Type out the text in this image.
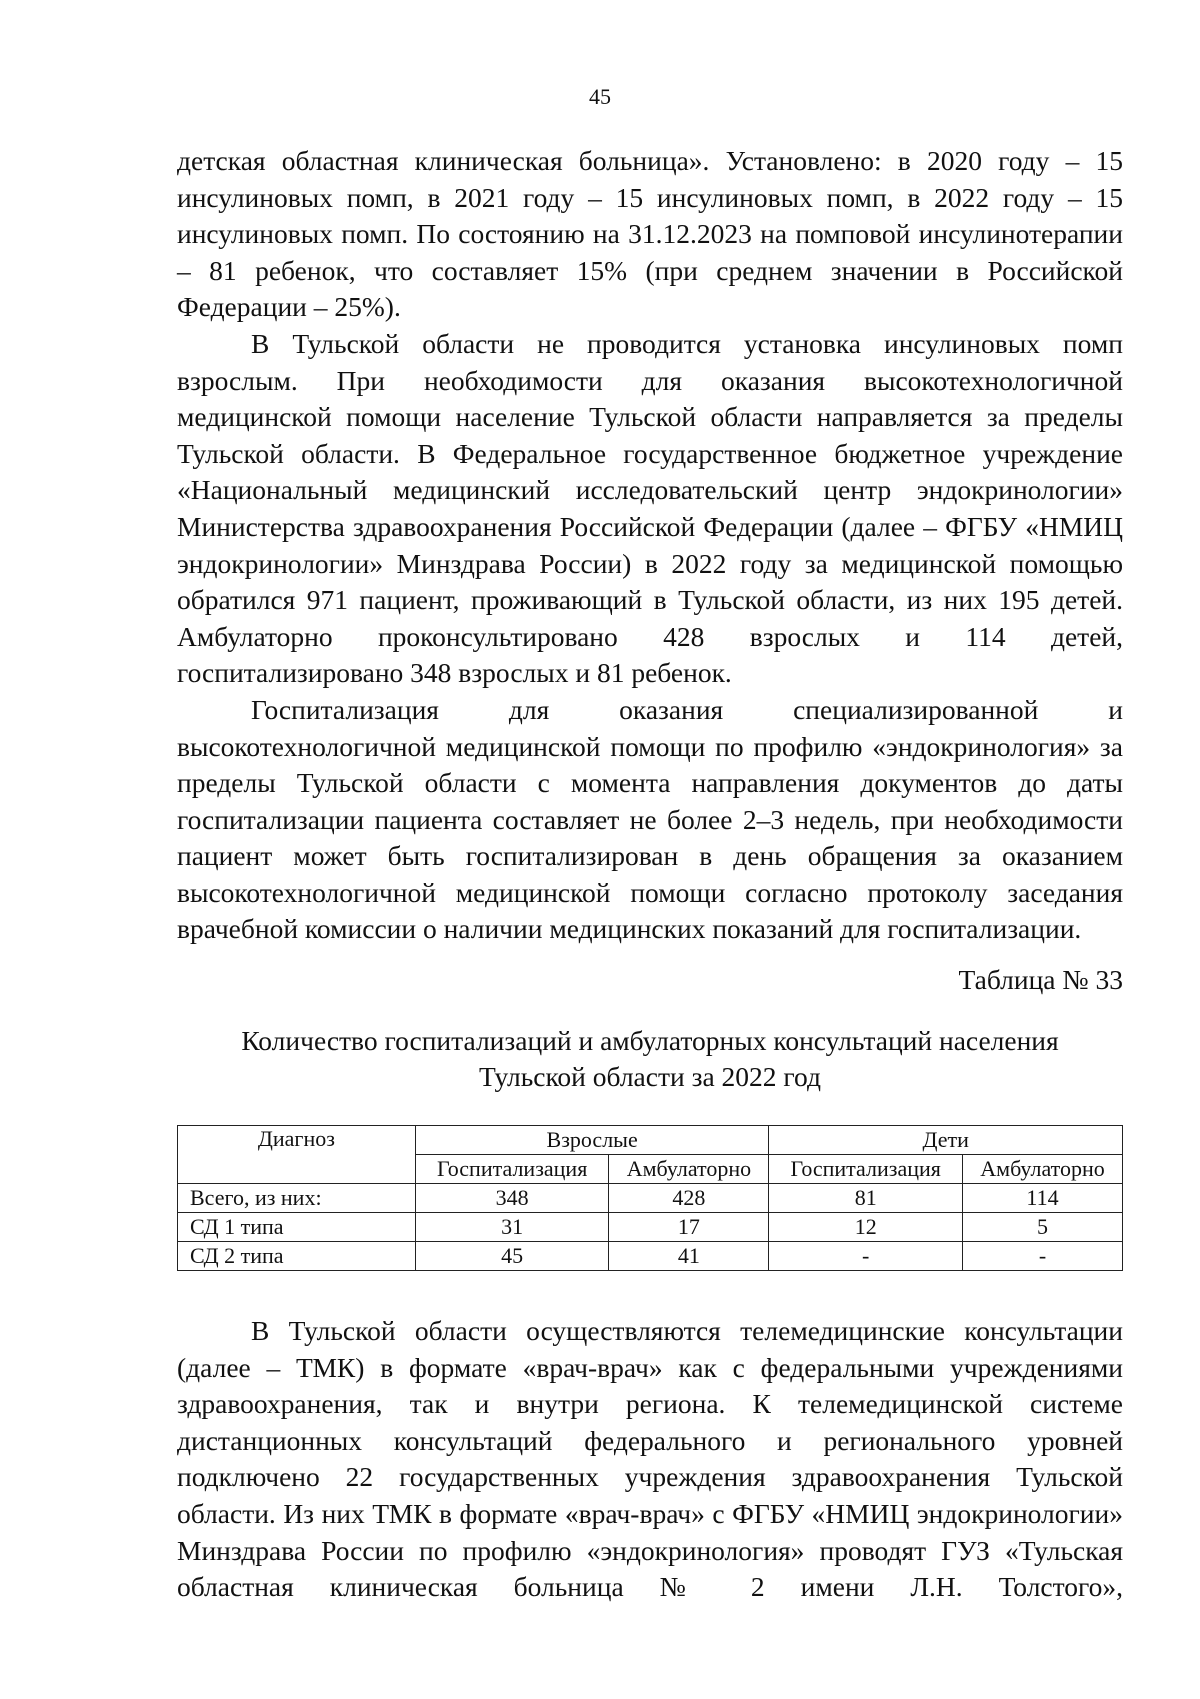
45

детская областная клиническая больница». Установлено: в 2020 году – 15 инсулиновых помп, в 2021 году – 15 инсулиновых помп, в 2022 году – 15 инсулиновых помп. По состоянию на 31.12.2023 на помповой инсулинотерапии – 81 ребенок, что составляет 15% (при среднем значении в Российской Федерации – 25%).

В Тульской области не проводится установка инсулиновых помп взрослым. При необходимости для оказания высокотехнологичной медицинской помощи население Тульской области направляется за пределы Тульской области. В Федеральное государственное бюджетное учреждение «Национальный медицинский исследовательский центр эндокринологии» Министерства здравоохранения Российской Федерации (далее – ФГБУ «НМИЦ эндокринологии» Минздрава России) в 2022 году за медицинской помощью обратился 971 пациент, проживающий в Тульской области, из них 195 детей. Амбулаторно проконсультировано 428 взрослых и 114 детей, госпитализировано 348 взрослых и 81 ребенок.

Госпитализация для оказания специализированной и высокотехнологичной медицинской помощи по профилю «эндокринология» за пределы Тульской области с момента направления документов до даты госпитализации пациента составляет не более 2–3 недель, при необходимости пациент может быть госпитализирован в день обращения за оказанием высокотехнологичной медицинской помощи согласно протоколу заседания врачебной комиссии о наличии медицинских показаний для госпитализации.

Таблица № 33
Количество госпитализаций и амбулаторных консультаций населения
Тульской области за 2022 год
Диагноз	Взрослые		Дети	
	Госпитализация	Амбулаторно	Госпитализация	Амбулаторно
Всего, из них:	348	428	81	114
СД 1 типа	31	17	12	5
СД 2 типа	45	41	-	-

В Тульской области осуществляются телемедицинские консультации (далее – ТМК) в формате «врач-врач» как с федеральными учреждениями здравоохранения, так и внутри региона. К телемедицинской системе дистанционных консультаций федерального и регионального уровней подключено 22 государственных учреждения здравоохранения Тульской области. Из них ТМК в формате «врач-врач» с ФГБУ «НМИЦ эндокринологии» Минздрава России по профилю «эндокринология» проводят ГУЗ «Тульская областная клиническая больница № 2 имени Л.Н. Толстого»,
